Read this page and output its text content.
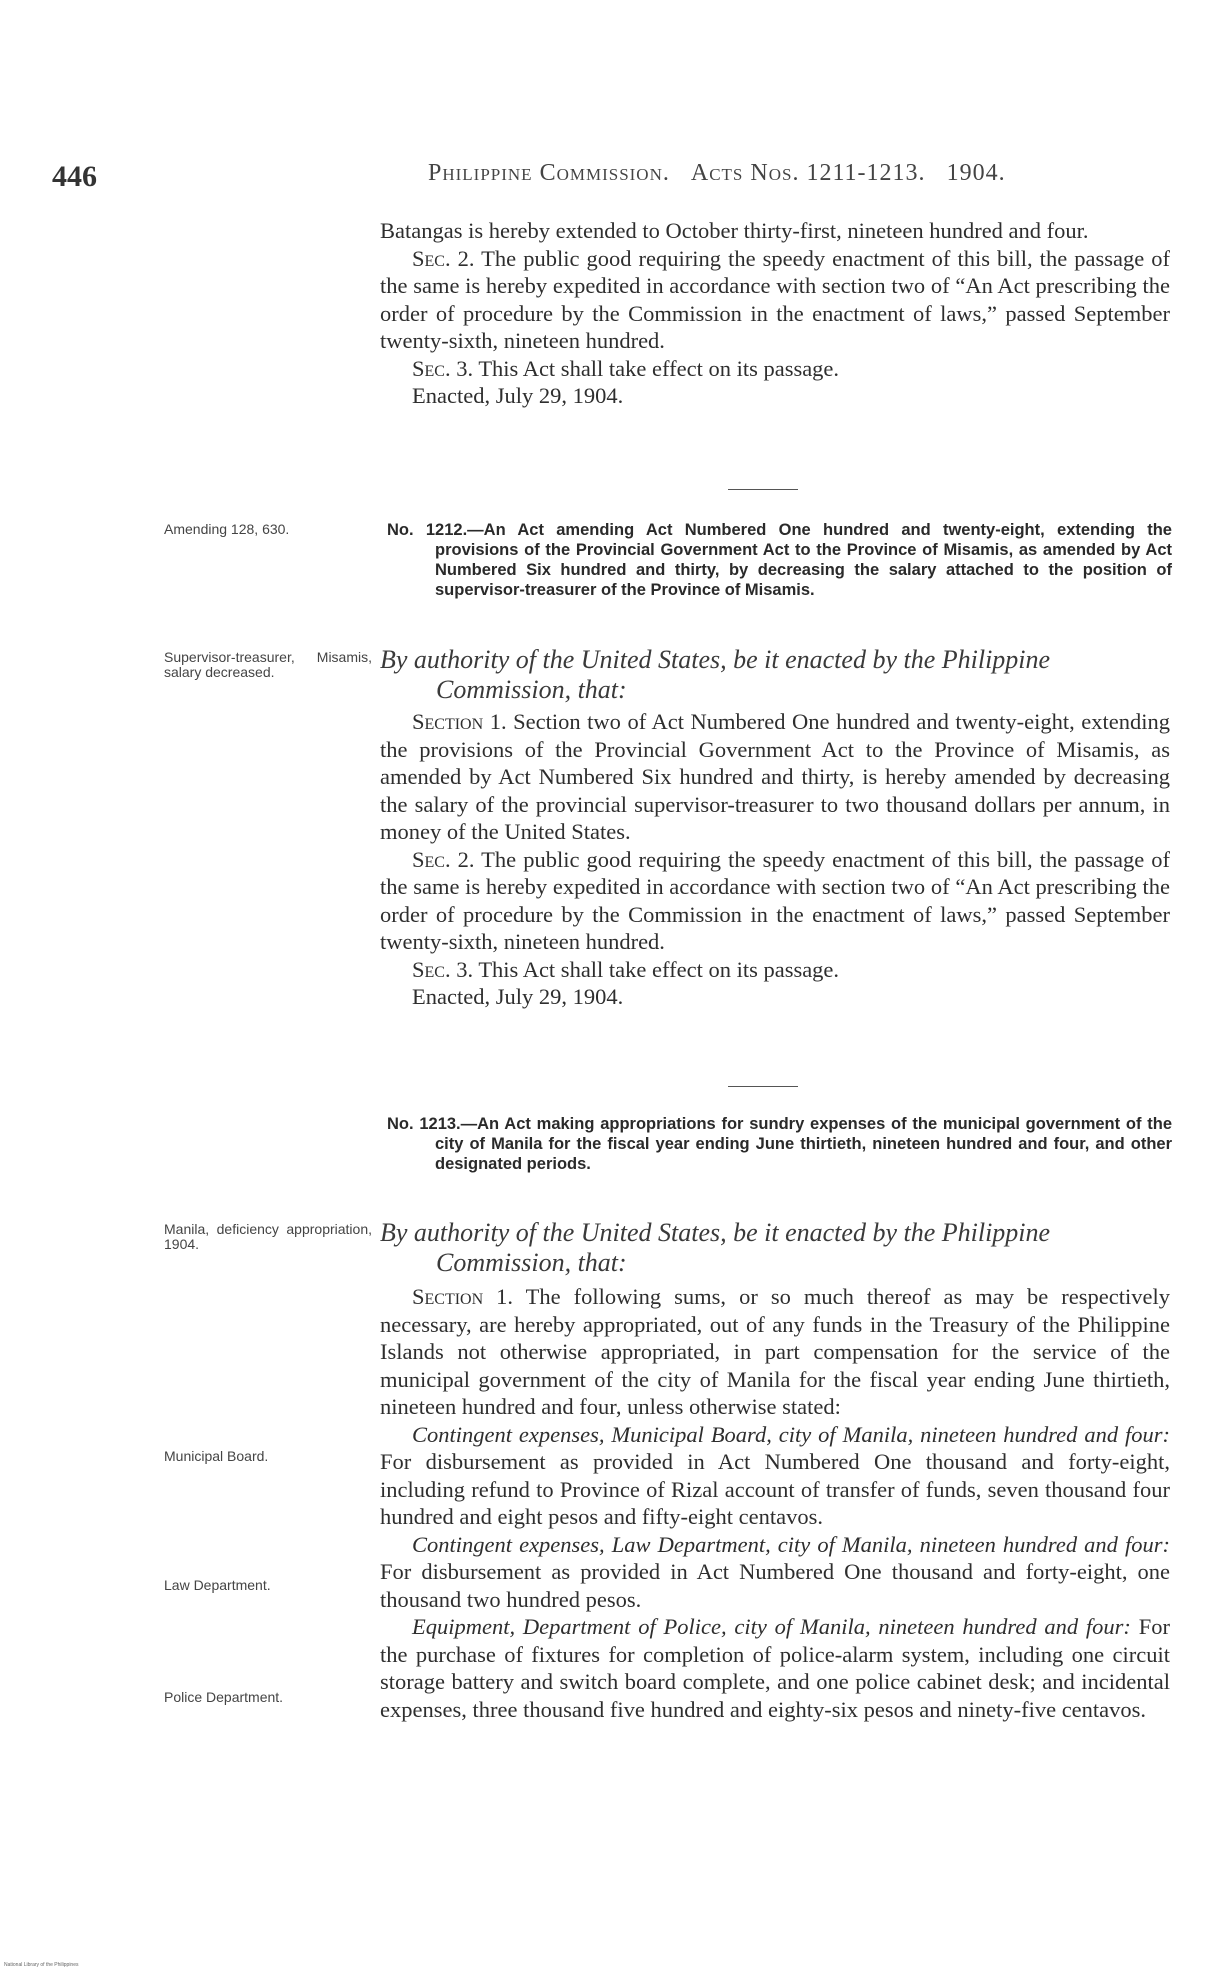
446	Philippine Commission. Acts Nos. 1211-1213. 1904.

Batangas is hereby extended to October thirty-first, nineteen hundred and four.

Sec. 2. The public good requiring the speedy enactment of this bill, the passage of the same is hereby expedited in accordance with section two of “An Act prescribing the order of procedure by the Commission in the enactment of laws,” passed September twenty-sixth, nineteen hundred.

Sec. 3. This Act shall take effect on its passage.

Enacted, July 29, 1904.

Amending 128, 630.	No. 1212.—An Act amending Act Numbered One hundred and twenty-eight, extending the provisions of the Provincial Government Act to the Province of Misamis, as amended by Act Numbered Six hundred and thirty, by decreasing the salary attached to the position of supervisor-treasurer of the Province of Misamis.
Supervisor-treasurer, Misamis, salary decreased.	By authority of the United States, be it enacted by the Philippine
Commission, that:

Section 1. Section two of Act Numbered One hundred and twenty-eight, extending the provisions of the Provincial Government Act to the Province of Misamis, as amended by Act Numbered Six hundred and thirty, is hereby amended by decreasing the salary of the provincial supervisor-treasurer to two thousand dollars per annum, in money of the United States.

Sec. 2. The public good requiring the speedy enactment of this bill, the passage of the same is hereby expedited in accordance with section two of “An Act prescribing the order of procedure by the Commission in the enactment of laws,” passed September twenty-sixth, nineteen hundred.

Sec. 3. This Act shall take effect on its passage.

Enacted, July 29, 1904.

No. 1213.—An Act making appropriations for sundry expenses of the municipal government of the city of Manila for the fiscal year ending June thirtieth, nineteen hundred and four, and other designated periods.
Manila, deficiency appropriation, 1904.	By authority of the United States, be it enacted by the Philippine
Commission, that:

Section 1. The following sums, or so much thereof as may be respectively necessary, are hereby appropriated, out of any funds in the Treasury of the Philippine Islands not otherwise appropriated, in part compensation for the service of the municipal government of the city of Manila for the fiscal year ending June thirtieth, nineteen hundred and four, unless otherwise stated:

Contingent expenses, Municipal Board, city of Manila, nineteen hundred and four: For disbursement as provided in Act Numbered One thousand and forty-eight, including refund to Province of Rizal account of transfer of funds, seven thousand four hundred and eight pesos and fifty-eight centavos.

Contingent expenses, Law Department, city of Manila, nineteen hundred and four: For disbursement as provided in Act Numbered One thousand and forty-eight, one thousand two hundred pesos.

Equipment, Department of Police, city of Manila, nineteen hundred and four: For the purchase of fixtures for completion of police-alarm system, including one circuit storage battery and switch board complete, and one police cabinet desk; and incidental expenses, three thousand five hundred and eighty-six pesos and ninety-five centavos.

Municipal Board.
Law Department.
Police Department.
National Library of the Philippines
